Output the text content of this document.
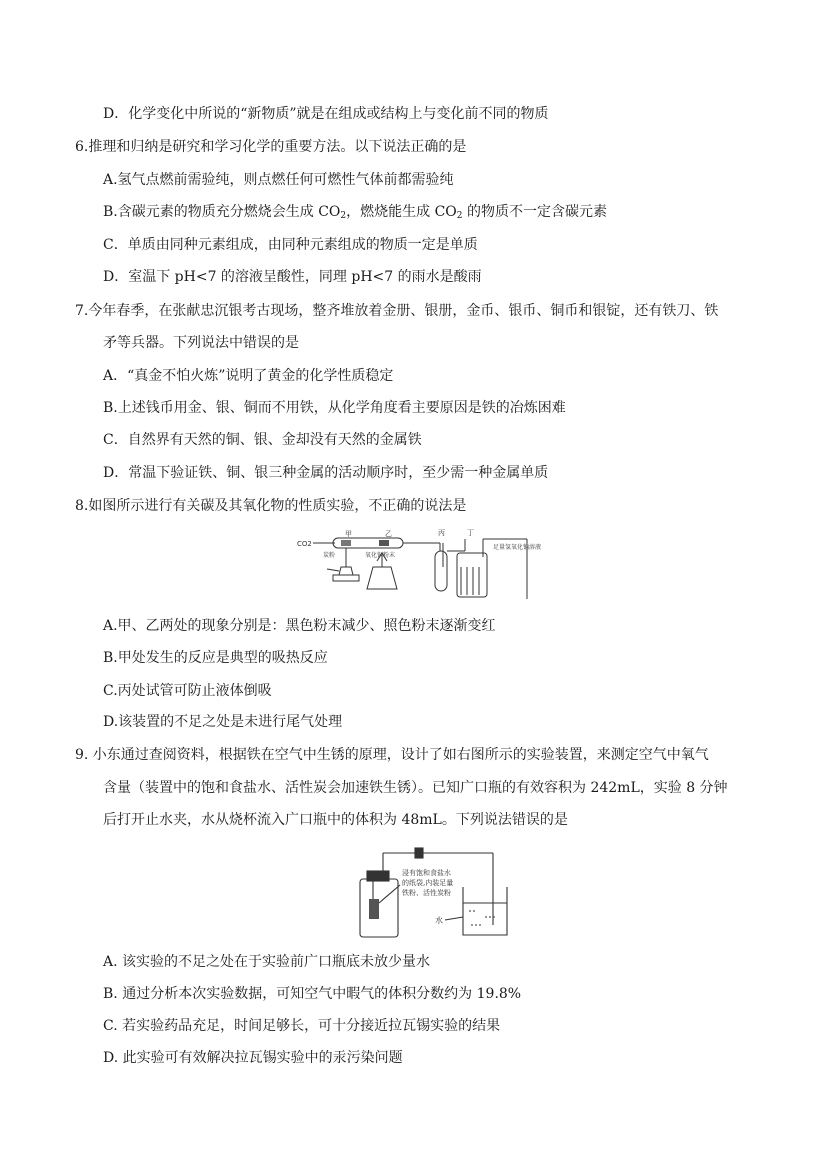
D．化学变化中所说的“新物质”就是在组成或结构上与变化前不同的物质
6.推理和归纳是研究和学习化学的重要方法。以下说法正确的是
A.氢气点燃前需验纯，则点燃任何可燃性气体前都需验纯
B.含碳元素的物质充分燃烧会生成 $CO_2$，燃烧能生成 $CO_2$ 的物质不一定含碳元素
C．单质由同种元素组成，由同种元素组成的物质一定是单质
D．室温下 pH<7 的溶液呈酸性，同理 pH<7 的雨水是酸雨
7.今年春季，在张献忠沉银考古现场，整齐堆放着金册、银册，金币、银币、铜币和银锭，还有铁刀、铁
矛等兵器。下列说法中错误的是
A．“真金不怕火炼”说明了黄金的化学性质稳定
B.上述钱币用金、银、铜而不用铁，从化学角度看主要原因是铁的冶炼困难
C．自然界有天然的铜、银、金却没有天然的金属铁
D．常温下验证铁、铜、银三种金属的活动顺序时，至少需一种金属单质
8.如图所示进行有关碳及其氧化物的性质实验，不正确的说法是
CO2
甲	乙
炭粉	氧化铜粉末
丙	丁
足量氢氧化钠溶液
A.甲、乙两处的现象分别是：黑色粉末减少、照色粉末逐渐变红
B.甲处发生的反应是典型的吸热反应
C.丙处试管可防止液体倒吸
D.该装置的不足之处是未进行尾气处理
9. 小东通过查阅资料，根据铁在空气中生锈的原理，设计了如右图所示的实验装置，来测定空气中氧气
含量（装置中的饱和食盐水、活性炭会加速铁生锈）。已知广口瓶的有效容积为 242mL，实验 8 分钟
后打开止水夹，水从烧杯流入广口瓶中的体积为 48mL。下列说法错误的是
浸有饱和食盐水
的纸袋,内装足量
铁粉、活性炭粉
水
A. 该实验的不足之处在于实验前广口瓶底未放少量水
B. 通过分析本次实验数据，可知空气中暇气的体积分数约为 19.8%
C. 若实验药品充足，时间足够长，可十分接近拉瓦锡实验的结果
D. 此实验可有效解决拉瓦锡实验中的汞污染问题
